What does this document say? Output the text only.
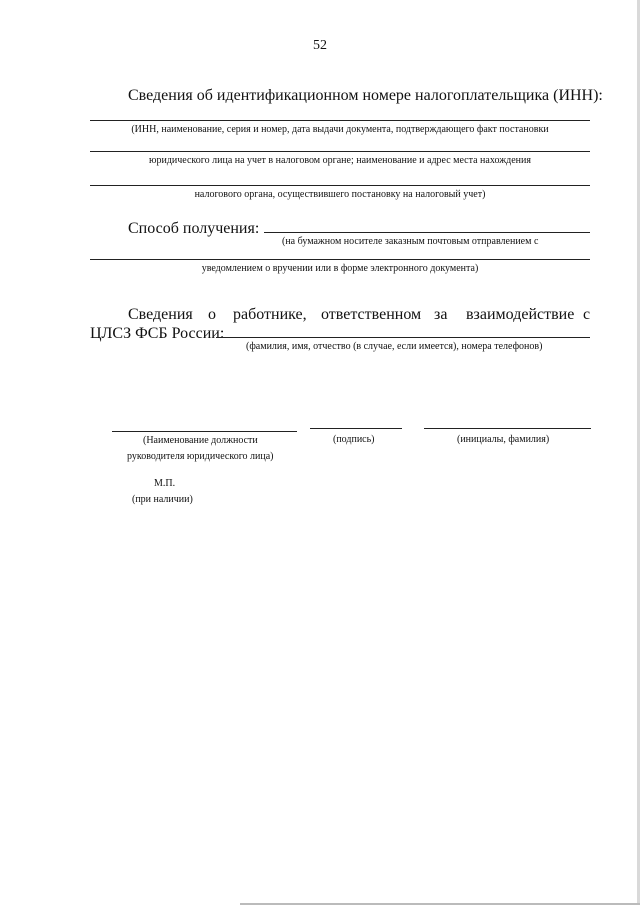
52
Сведения об идентификационном номере налогоплательщика (ИНН):
(ИНН, наименование, серия и номер, дата выдачи документа, подтверждающего факт постановки
юридического лица на учет в налоговом органе; наименование и адрес места нахождения
налогового органа, осуществившего постановку на налоговый учет)
Способ получения:
(на бумажном носителе заказным почтовым отправлением с
уведомлением о вручении или в форме электронного документа)
Сведения о работнике, ответственном за взаимодействие с
ЦЛСЗ ФСБ России:
(фамилия, имя, отчество (в случае, если имеется), номера телефонов)
(Наименование должности
руководителя юридического лица)
(подпись)	(инициалы, фамилия)
М.П.
(при наличии)
